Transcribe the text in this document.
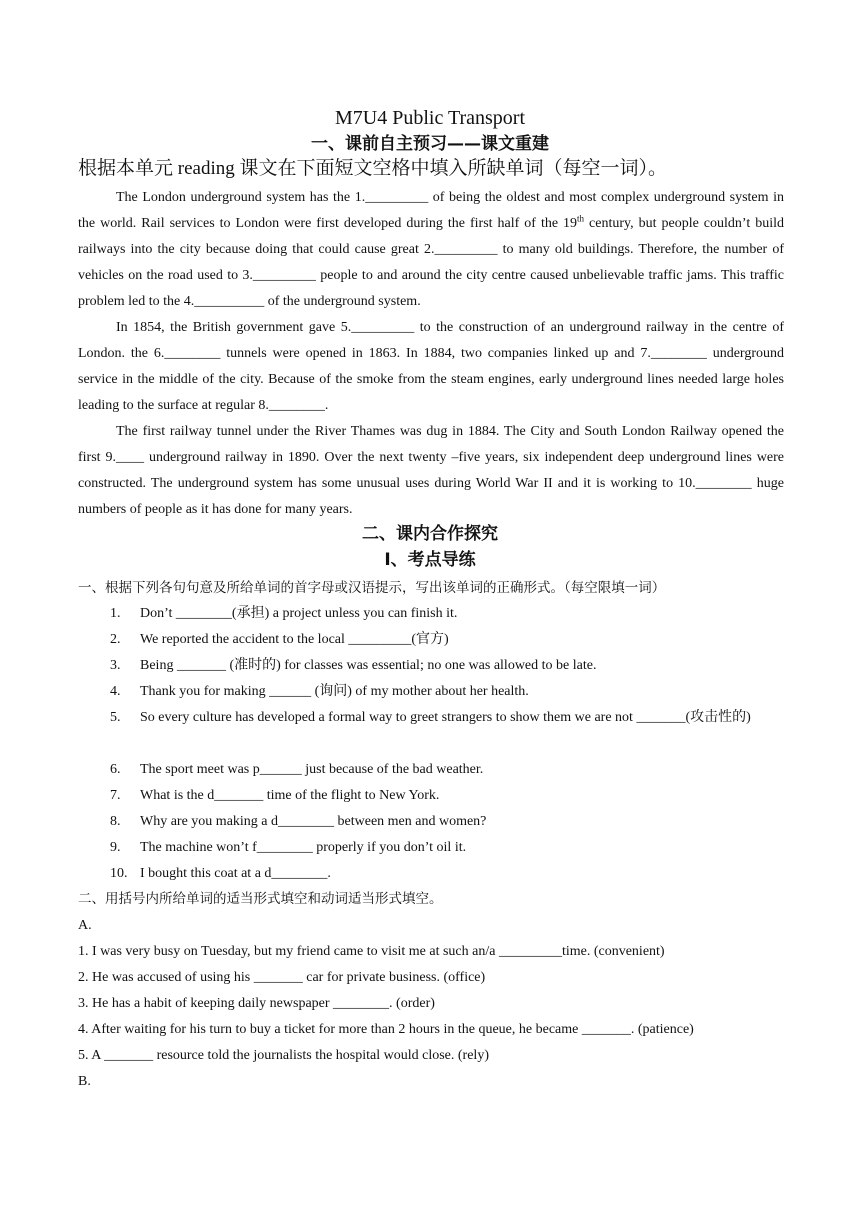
M7U4 Public Transport
一、课前自主预习——课文重建
根据本单元 reading 课文在下面短文空格中填入所缺单词（每空一词）。

The London underground system has the 1._________ of being the oldest and most complex underground system in the world. Rail services to London were first developed during the first half of the 19th century, but people couldn’t build railways into the city because doing that could cause great 2._________ to many old buildings. Therefore, the number of vehicles on the road used to 3._________ people to and around the city centre caused unbelievable traffic jams. This traffic problem led to the 4.__________ of the underground system.

In 1854, the British government gave 5._________ to the construction of an underground railway in the centre of London. the 6.________ tunnels were opened in 1863. In 1884, two companies linked up and 7.________ underground service in the middle of the city. Because of the smoke from the steam engines, early underground lines needed large holes leading to the surface at regular 8.________.

The first railway tunnel under the River Thames was dug in 1884. The City and South London Railway opened the first 9.____ underground railway in 1890. Over the next twenty –five years, six independent deep underground lines were constructed. The underground system has some unusual uses during World War II and it is working to 10.________ huge numbers of people as it has done for many years.

二、课内合作探究
I、考点导练
一、根据下列各句句意及所给单词的首字母或汉语提示，写出该单词的正确形式。（每空限填一词）
1.	Don’t ________(承担) a project unless you can finish it.
2.	We reported the accident to the local _________(官方)
3.	Being _______ (准时的) for classes was essential; no one was allowed to be late.
4.	Thank you for making ______ (询问) of my mother about her health.
5.	So every culture has developed a formal way to greet strangers to show them we are not _______(攻击性的)
6.	The sport meet was p______ just because of the bad weather.
7.	What is the d_______ time of the flight to New York.
8.	Why are you making a d________ between men and women?
9.	The machine won’t f________ properly if you don’t oil it.
10. I bought this coat at a d________.
二、用括号内所给单词的适当形式填空和动词适当形式填空。
A.
1. I was very busy on Tuesday, but my friend came to visit me at such an/a _________time. (convenient)
2. He was accused of using his _______ car for private business. (office)
3. He has a habit of keeping daily newspaper ________. (order)
4. After waiting for his turn to buy a ticket for more than 2 hours in the queue, he became _______. (patience)
5. A _______ resource told the journalists the hospital would close. (rely)
B.
